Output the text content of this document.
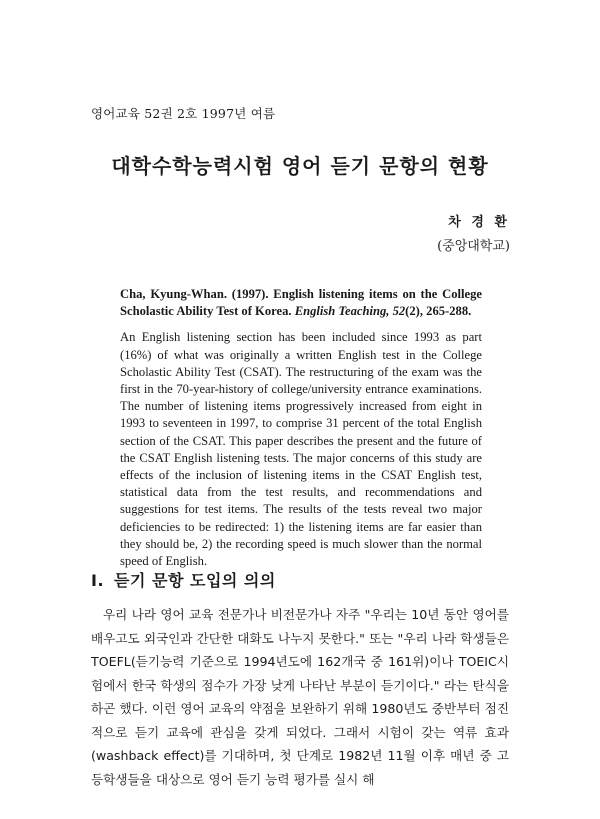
영어교육 52권 2호 1997년 여름
대학수학능력시험 영어 듣기 문항의 현황
차 경 환
(중앙대학교)
Cha, Kyung-Whan. (1997). English listening items on the College Scholastic Ability Test of Korea. English Teaching, 52(2), 265-288.

An English listening section has been included since 1993 as part (16%) of what was originally a written English test in the College Scholastic Ability Test (CSAT). The restructuring of the exam was the first in the 70-year-history of college/university entrance examinations. The number of listening items progressively increased from eight in 1993 to seventeen in 1997, to comprise 31 percent of the total English section of the CSAT. This paper describes the present and the future of the CSAT English listening tests. The major concerns of this study are effects of the inclusion of listening items in the CSAT English test, statistical data from the test results, and recommendations and suggestions for test items. The results of the tests reveal two major deficiencies to be redirected: 1) the listening items are far easier than they should be, 2) the recording speed is much slower than the normal speed of English.

I. 듣기 문항 도입의 의의

우리 나라 영어 교육 전문가나 비전문가나 자주 "우리는 10년 동안 영어를 배우고도 외국인과 간단한 대화도 나누지 못한다." 또는 "우리 나라 학생들은 TOEFL(듣기능력 기준으로 1994년도에 162개국 중 161위)이나 TOEIC시험에서 한국 학생의 점수가 가장 낮게 나타난 부분이 듣기이다." 라는 탄식을 하곤 했다. 이런 영어 교육의 약점을 보완하기 위해 1980년도 중반부터 점진적으로 듣기 교육에 관심을 갖게 되었다. 그래서 시험이 갖는 역류 효과(washback effect)를 기대하며, 첫 단계로 1982년 11월 이후 매년 중 고등학생들을 대상으로 영어 듣기 능력 평가를 실시 해
